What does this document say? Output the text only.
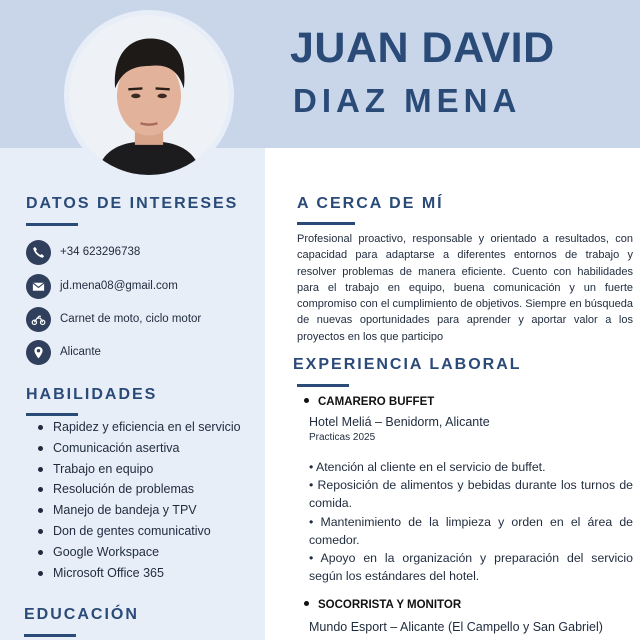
JUAN DAVID
DIAZ MENA
DATOS DE INTERESES
+34 623296738
jd.mena08@gmail.com
Carnet de moto, ciclo motor
Alicante
HABILIDADES
Rapidez y eficiencia en el servicio
Comunicación asertiva
Trabajo en equipo
Resolución de problemas
Manejo de bandeja y TPV
Don de gentes comunicativo
Google Workspace
Microsoft Office 365
EDUCACIÓN
A CERCA DE MÍ
Profesional proactivo, responsable y orientado a resultados, con capacidad para adaptarse a diferentes entornos de trabajo y resolver problemas de manera eficiente. Cuento con habilidades para el trabajo en equipo, buena comunicación y un fuerte compromiso con el cumplimiento de objetivos. Siempre en búsqueda de nuevas oportunidades para aprender y aportar valor a los proyectos en los que participo
EXPERIENCIA LABORAL
CAMARERO BUFFET
Hotel Meliá – Benidorm, Alicante
Practicas 2025

• Atención al cliente en el servicio de buffet.

• Reposición de alimentos y bebidas durante los turnos de comida.

• Mantenimiento de la limpieza y orden en el área de comedor.

• Apoyo en la organización y preparación del servicio según los estándares del hotel.

SOCORRISTA Y MONITOR
Mundo Esport – Alicante (El Campello y San Gabriel)
